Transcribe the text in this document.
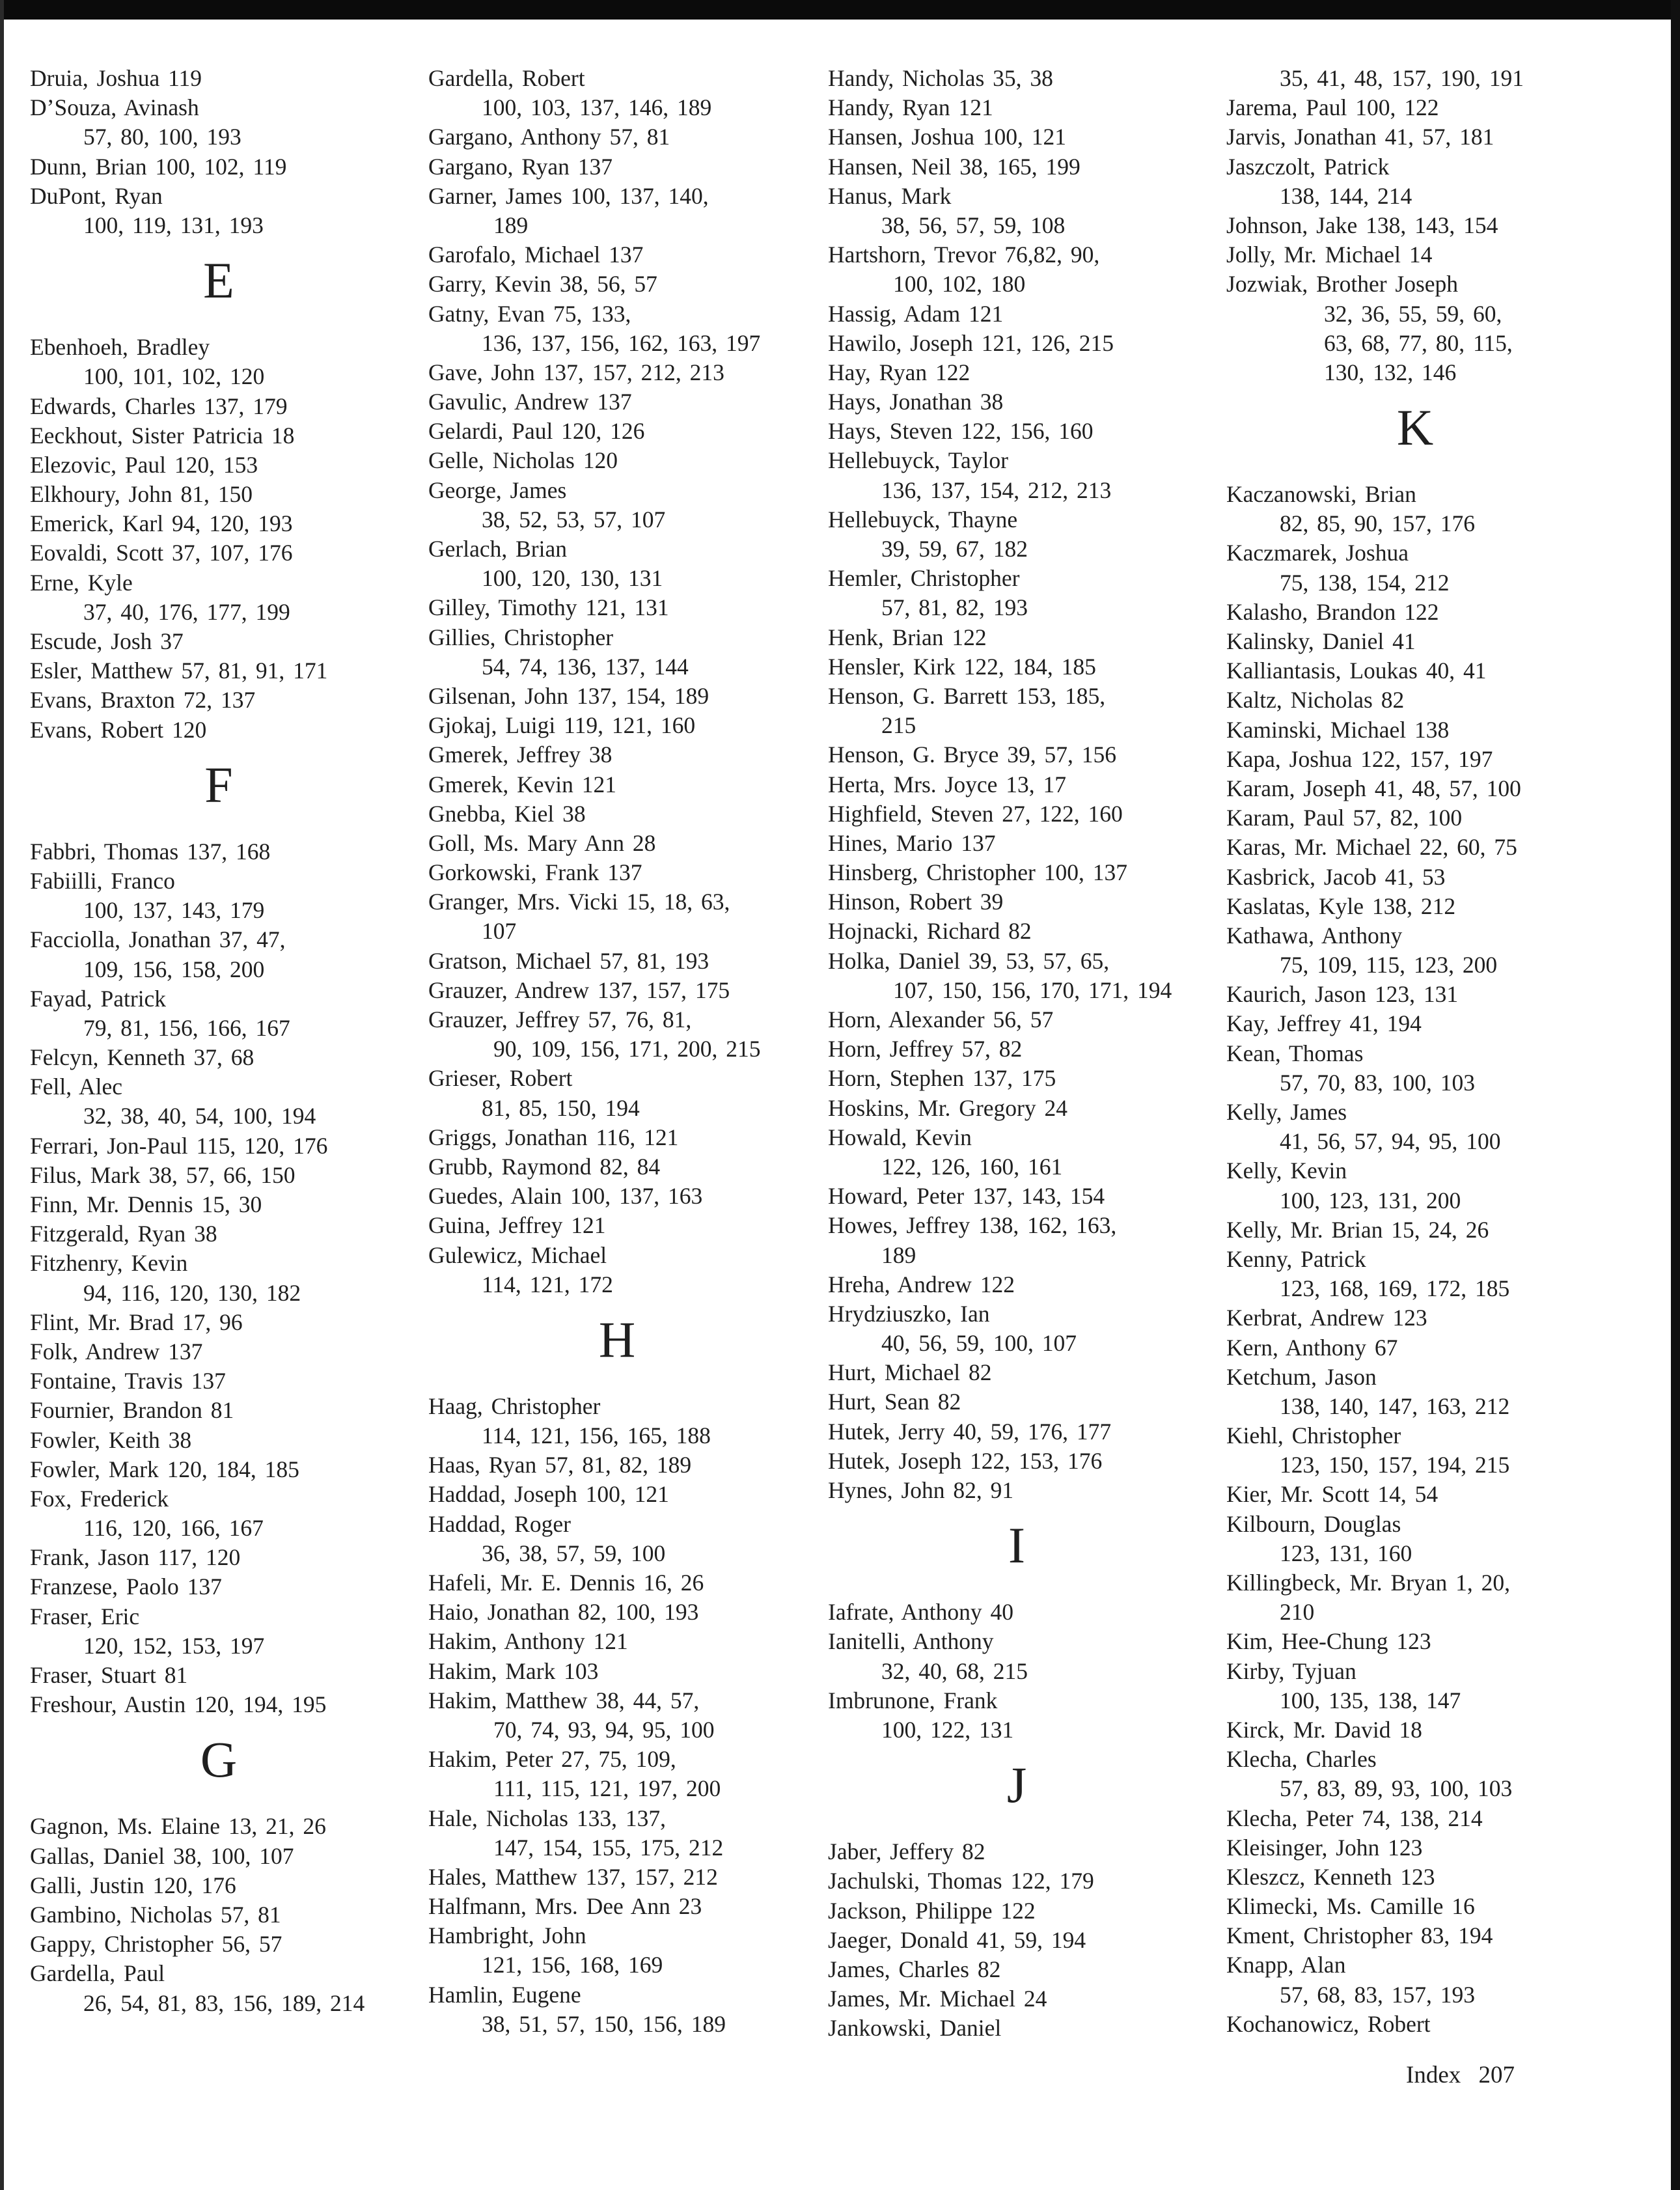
Druia, Joshua 119
D’Souza, Avinash
57, 80, 100, 193
Dunn, Brian 100, 102, 119
DuPont, Ryan
100, 119, 131, 193
E
Ebenhoeh, Bradley
100, 101, 102, 120
Edwards, Charles 137, 179
Eeckhout, Sister Patricia 18
Elezovic, Paul 120, 153
Elkhoury, John 81, 150
Emerick, Karl 94, 120, 193
Eovaldi, Scott 37, 107, 176
Erne, Kyle
37, 40, 176, 177, 199
Escude, Josh 37
Esler, Matthew 57, 81, 91, 171
Evans, Braxton 72, 137
Evans, Robert 120
F
Fabbri, Thomas 137, 168
Fabiilli, Franco
100, 137, 143, 179
Facciolla, Jonathan 37, 47,
109, 156, 158, 200
Fayad, Patrick
79, 81, 156, 166, 167
Felcyn, Kenneth 37, 68
Fell, Alec
32, 38, 40, 54, 100, 194
Ferrari, Jon-Paul 115, 120, 176
Filus, Mark 38, 57, 66, 150
Finn, Mr. Dennis 15, 30
Fitzgerald, Ryan 38
Fitzhenry, Kevin
94, 116, 120, 130, 182
Flint, Mr. Brad 17, 96
Folk, Andrew 137
Fontaine, Travis 137
Fournier, Brandon 81
Fowler, Keith 38
Fowler, Mark 120, 184, 185
Fox, Frederick
116, 120, 166, 167
Frank, Jason 117, 120
Franzese, Paolo 137
Fraser, Eric
120, 152, 153, 197
Fraser, Stuart 81
Freshour, Austin 120, 194, 195
G
Gagnon, Ms. Elaine 13, 21, 26
Gallas, Daniel 38, 100, 107
Galli, Justin 120, 176
Gambino, Nicholas 57, 81
Gappy, Christopher 56, 57
Gardella, Paul
26, 54, 81, 83, 156, 189, 214
Gardella, Robert
100, 103, 137, 146, 189
Gargano, Anthony 57, 81
Gargano, Ryan 137
Garner, James 100, 137, 140,
189
Garofalo, Michael 137
Garry, Kevin 38, 56, 57
Gatny, Evan 75, 133,
136, 137, 156, 162, 163, 197
Gave, John 137, 157, 212, 213
Gavulic, Andrew 137
Gelardi, Paul 120, 126
Gelle, Nicholas 120
George, James
38, 52, 53, 57, 107
Gerlach, Brian
100, 120, 130, 131
Gilley, Timothy 121, 131
Gillies, Christopher
54, 74, 136, 137, 144
Gilsenan, John 137, 154, 189
Gjokaj, Luigi 119, 121, 160
Gmerek, Jeffrey 38
Gmerek, Kevin 121
Gnebba, Kiel 38
Goll, Ms. Mary Ann 28
Gorkowski, Frank 137
Granger, Mrs. Vicki 15, 18, 63,
107
Gratson, Michael 57, 81, 193
Grauzer, Andrew 137, 157, 175
Grauzer, Jeffrey 57, 76, 81,
90, 109, 156, 171, 200, 215
Grieser, Robert
81, 85, 150, 194
Griggs, Jonathan 116, 121
Grubb, Raymond 82, 84
Guedes, Alain 100, 137, 163
Guina, Jeffrey 121
Gulewicz, Michael
114, 121, 172
H
Haag, Christopher
114, 121, 156, 165, 188
Haas, Ryan 57, 81, 82, 189
Haddad, Joseph 100, 121
Haddad, Roger
36, 38, 57, 59, 100
Hafeli, Mr. E. Dennis 16, 26
Haio, Jonathan 82, 100, 193
Hakim, Anthony 121
Hakim, Mark 103
Hakim, Matthew 38, 44, 57,
70, 74, 93, 94, 95, 100
Hakim, Peter 27, 75, 109,
111, 115, 121, 197, 200
Hale, Nicholas 133, 137,
147, 154, 155, 175, 212
Hales, Matthew 137, 157, 212
Halfmann, Mrs. Dee Ann 23
Hambright, John
121, 156, 168, 169
Hamlin, Eugene
38, 51, 57, 150, 156, 189
Handy, Nicholas 35, 38
Handy, Ryan 121
Hansen, Joshua 100, 121
Hansen, Neil 38, 165, 199
Hanus, Mark
38, 56, 57, 59, 108
Hartshorn, Trevor 76,82, 90,
100, 102, 180
Hassig, Adam 121
Hawilo, Joseph 121, 126, 215
Hay, Ryan 122
Hays, Jonathan 38
Hays, Steven 122, 156, 160
Hellebuyck, Taylor
136, 137, 154, 212, 213
Hellebuyck, Thayne
39, 59, 67, 182
Hemler, Christopher
57, 81, 82, 193
Henk, Brian 122
Hensler, Kirk 122, 184, 185
Henson, G. Barrett 153, 185,
215
Henson, G. Bryce 39, 57, 156
Herta, Mrs. Joyce 13, 17
Highfield, Steven 27, 122, 160
Hines, Mario 137
Hinsberg, Christopher 100, 137
Hinson, Robert 39
Hojnacki, Richard 82
Holka, Daniel 39, 53, 57, 65,
107, 150, 156, 170, 171, 194
Horn, Alexander 56, 57
Horn, Jeffrey 57, 82
Horn, Stephen 137, 175
Hoskins, Mr. Gregory 24
Howald, Kevin
122, 126, 160, 161
Howard, Peter 137, 143, 154
Howes, Jeffrey 138, 162, 163,
189
Hreha, Andrew 122
Hrydziuszko, Ian
40, 56, 59, 100, 107
Hurt, Michael 82
Hurt, Sean 82
Hutek, Jerry 40, 59, 176, 177
Hutek, Joseph 122, 153, 176
Hynes, John 82, 91
I
Iafrate, Anthony 40
Ianitelli, Anthony
32, 40, 68, 215
Imbrunone, Frank
100, 122, 131
J
Jaber, Jeffery 82
Jachulski, Thomas 122, 179
Jackson, Philippe 122
Jaeger, Donald 41, 59, 194
James, Charles 82
James, Mr. Michael 24
Jankowski, Daniel
35, 41, 48, 157, 190, 191
Jarema, Paul 100, 122
Jarvis, Jonathan 41, 57, 181
Jaszczolt, Patrick
138, 144, 214
Johnson, Jake 138, 143, 154
Jolly, Mr. Michael 14
Jozwiak, Brother Joseph
32, 36, 55, 59, 60,
63, 68, 77, 80, 115,
130, 132, 146
K
Kaczanowski, Brian
82, 85, 90, 157, 176
Kaczmarek, Joshua
75, 138, 154, 212
Kalasho, Brandon 122
Kalinsky, Daniel 41
Kalliantasis, Loukas 40, 41
Kaltz, Nicholas 82
Kaminski, Michael 138
Kapa, Joshua 122, 157, 197
Karam, Joseph 41, 48, 57, 100
Karam, Paul 57, 82, 100
Karas, Mr. Michael 22, 60, 75
Kasbrick, Jacob 41, 53
Kaslatas, Kyle 138, 212
Kathawa, Anthony
75, 109, 115, 123, 200
Kaurich, Jason 123, 131
Kay, Jeffrey 41, 194
Kean, Thomas
57, 70, 83, 100, 103
Kelly, James
41, 56, 57, 94, 95, 100
Kelly, Kevin
100, 123, 131, 200
Kelly, Mr. Brian 15, 24, 26
Kenny, Patrick
123, 168, 169, 172, 185
Kerbrat, Andrew 123
Kern, Anthony 67
Ketchum, Jason
138, 140, 147, 163, 212
Kiehl, Christopher
123, 150, 157, 194, 215
Kier, Mr. Scott 14, 54
Kilbourn, Douglas
123, 131, 160
Killingbeck, Mr. Bryan 1, 20,
210
Kim, Hee-Chung 123
Kirby, Tyjuan
100, 135, 138, 147
Kirck, Mr. David 18
Klecha, Charles
57, 83, 89, 93, 100, 103
Klecha, Peter 74, 138, 214
Kleisinger, John 123
Kleszcz, Kenneth 123
Klimecki, Ms. Camille 16
Kment, Christopher 83, 194
Knapp, Alan
57, 68, 83, 157, 193
Kochanowicz, Robert
Index 207
